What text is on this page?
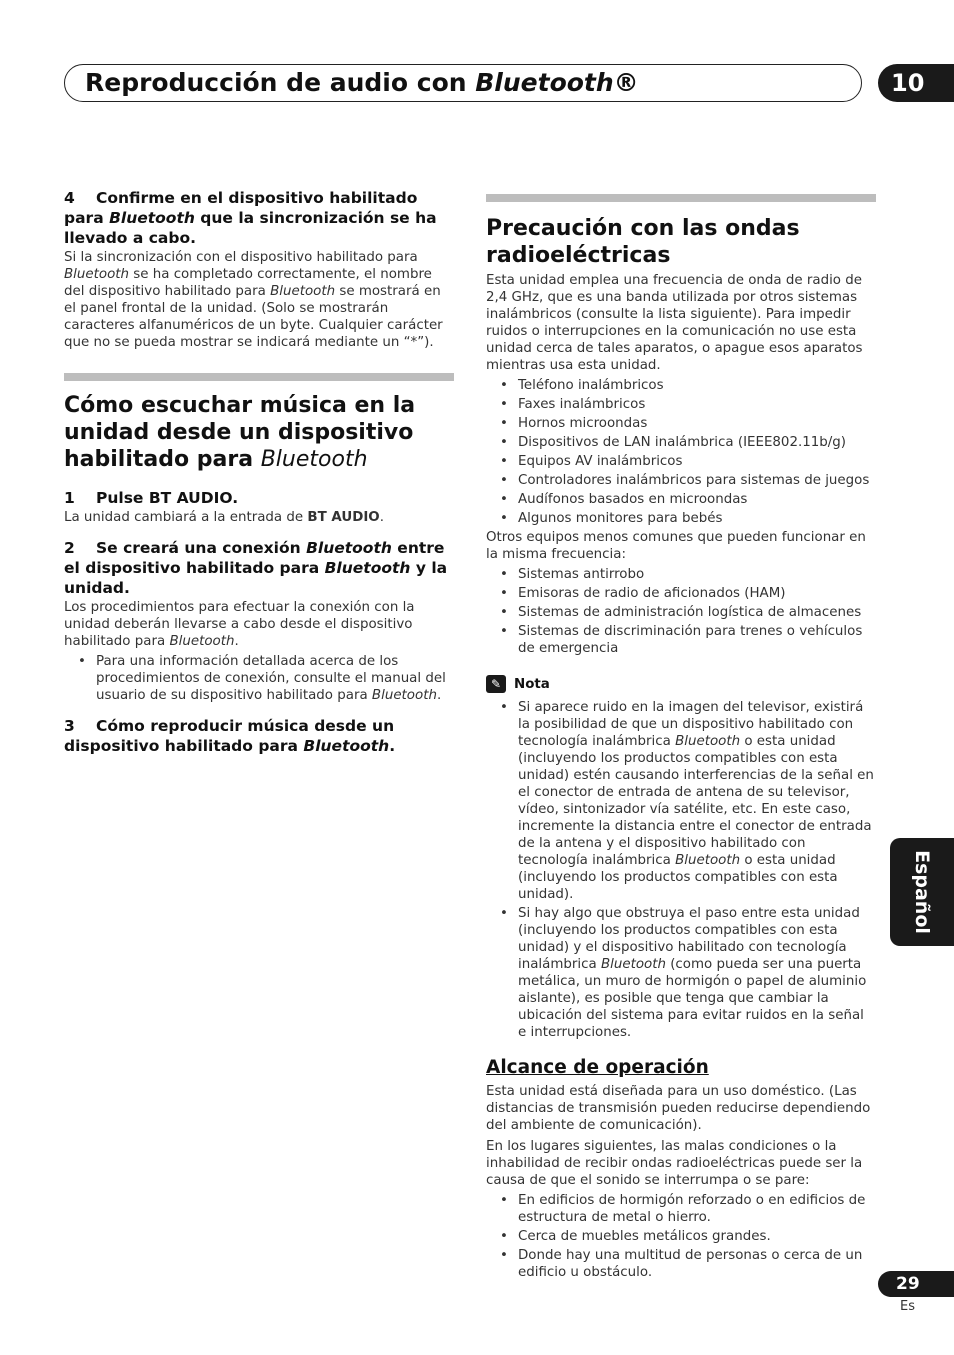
Reproducción de audio con Bluetooth®	10
4 Confirme en el dispositivo habilitado para Bluetooth que la sincronización se ha llevado a cabo.

Si la sincronización con el dispositivo habilitado para Bluetooth se ha completado correctamente, el nombre del dispositivo habilitado para Bluetooth se mostrará en el panel frontal de la unidad. (Solo se mostrarán caracteres alfanuméricos de un byte. Cualquier carácter que no se pueda mostrar se indicará mediante un “*”).

Cómo escuchar música en la unidad desde un dispositivo habilitado para Bluetooth
1 Pulse BT AUDIO.

La unidad cambiará a la entrada de BT AUDIO.

2 Se creará una conexión Bluetooth entre el dispositivo habilitado para Bluetooth y la unidad.

Los procedimientos para efectuar la conexión con la unidad deberán llevarse a cabo desde el dispositivo habilitado para Bluetooth.

• Para una información detallada acerca de los procedimientos de conexión, consulte el manual del usuario de su dispositivo habilitado para Bluetooth.
3 Cómo reproducir música desde un dispositivo habilitado para Bluetooth.
Precaución con las ondas radioeléctricas

Esta unidad emplea una frecuencia de onda de radio de 2,4 GHz, que es una banda utilizada por otros sistemas inalámbricos (consulte la lista siguiente). Para impedir ruidos o interrupciones en la comunicación no use esta unidad cerca de tales aparatos, o apague esos aparatos mientras usa esta unidad.

• Teléfono inalámbricos
• Faxes inalámbricos
• Hornos microondas
• Dispositivos de LAN inalámbrica (IEEE802.11b/g)
• Equipos AV inalámbricos
• Controladores inalámbricos para sistemas de juegos
• Audífonos basados en microondas
• Algunos monitores para bebés

Otros equipos menos comunes que pueden funcionar en la misma frecuencia:

• Sistemas antirrobo
• Emisoras de radio de aficionados (HAM)
• Sistemas de administración logística de almacenes
• Sistemas de discriminación para trenes o vehículos de emergencia
✎ Nota
• Si aparece ruido en la imagen del televisor, existirá la posibilidad de que un dispositivo habilitado con tecnología inalámbrica Bluetooth o esta unidad (incluyendo los productos compatibles con esta unidad) estén causando interferencias de la señal en el conector de entrada de antena de su televisor, vídeo, sintonizador vía satélite, etc. En este caso, incremente la distancia entre el conector de entrada de la antena y el dispositivo habilitado con tecnología inalámbrica Bluetooth o esta unidad (incluyendo los productos compatibles con esta unidad).
• Si hay algo que obstruya el paso entre esta unidad (incluyendo los productos compatibles con esta unidad) y el dispositivo habilitado con tecnología inalámbrica Bluetooth (como pueda ser una puerta metálica, un muro de hormigón o papel de aluminio aislante), es posible que tenga que cambiar la ubicación del sistema para evitar ruidos en la señal e interrupciones.
Alcance de operación

Esta unidad está diseñada para un uso doméstico. (Las distancias de transmisión pueden reducirse dependiendo del ambiente de comunicación).

En los lugares siguientes, las malas condiciones o la inhabilidad de recibir ondas radioeléctricas puede ser la causa de que el sonido se interrumpa o se pare:

• En edificios de hormigón reforzado o en edificios de estructura de metal o hierro.
• Cerca de muebles metálicos grandes.
• Donde hay una multitud de personas o cerca de un edificio u obstáculo.
Español
29
Es
